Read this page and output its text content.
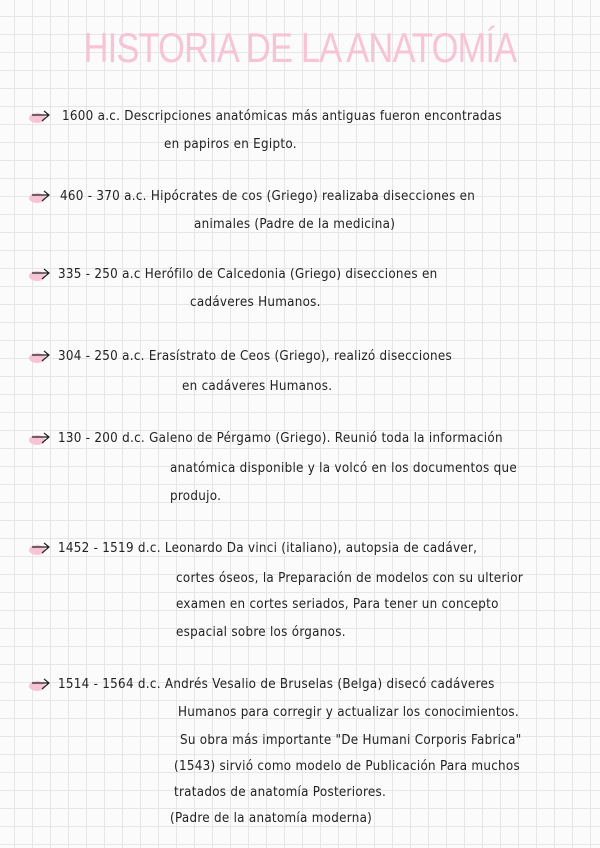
HISTORIA DE LA ANATOMÍA
1600 a.c. Descripciones anatómicas más antiguas fueron encontradas
en papiros en Egipto.
460 - 370 a.c. Hipócrates de cos (Griego) realizaba disecciones en
animales (Padre de la medicina)
335 - 250 a.c Herófilo de Calcedonia (Griego) disecciones en
cadáveres Humanos.
304 - 250 a.c. Erasístrato de Ceos (Griego), realizó disecciones
en cadáveres Humanos.
130 - 200 d.c. Galeno de Pérgamo (Griego). Reunió toda la información
anatómica disponible y la volcó en los documentos que
produjo.
1452 - 1519 d.c. Leonardo Da vinci (italiano), autopsia de cadáver,
cortes óseos, la Preparación de modelos con su ulterior
examen en cortes seriados, Para tener un concepto
espacial sobre los órganos.
1514 - 1564 d.c. Andrés Vesalio de Bruselas (Belga) disecó cadáveres
Humanos para corregir y actualizar los conocimientos.
Su obra más importante "De Humani Corporis Fabrica"
(1543) sirvió como modelo de Publicación Para muchos
tratados de anatomía Posteriores.
(Padre de la anatomía moderna)
